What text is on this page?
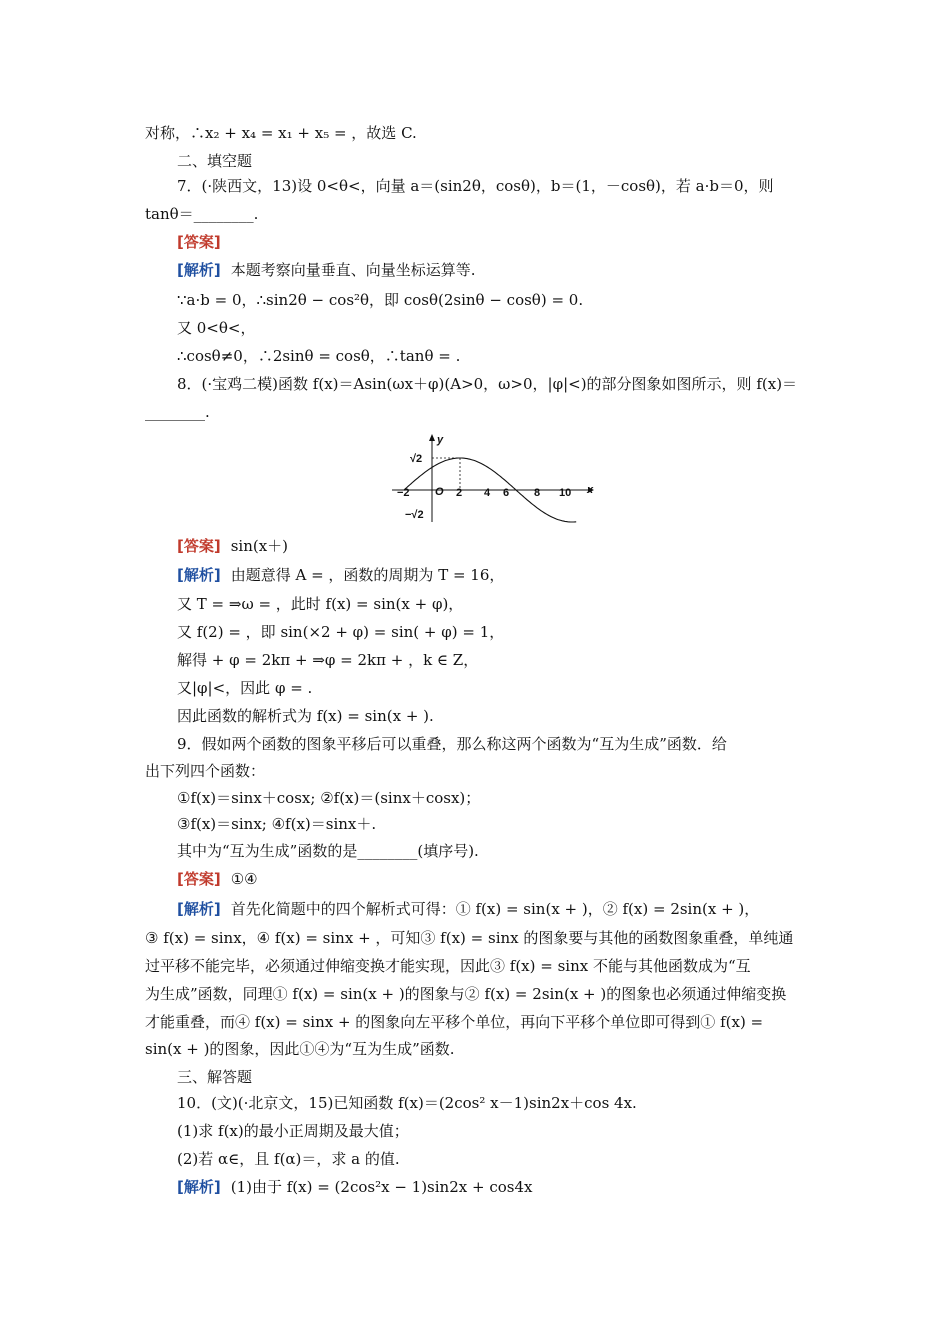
对称，∴x₂ + x₄ = x₁ + x₅ = ，故选 C.
二、填空题
7．(·陕西文，13)设 0<θ<，向量 a＝(sin2θ，cosθ)，b＝(1，－cosθ)，若 a·b＝0，则
tanθ＝________.
[答案]
[解析] 本题考察向量垂直、向量坐标运算等.
∵a·b = 0，∴sin2θ − cos²θ，即 cosθ(2sinθ − cosθ) = 0.
又 0<θ<，
∴cosθ≠0，∴2sinθ = cosθ，∴tanθ = .
8．(·宝鸡二模)函数 f(x)＝Asin(ωx＋φ)(A>0，ω>0，|φ|<)的部分图象如图所示，则 f(x)＝
________.
y
x
O
√2
−√2
−2	2 4 6 8 10
[答案] sin(x＋)
[解析] 由题意得 A = ，函数的周期为 T = 16，
又 T = ⇒ω = ，此时 f(x) = sin(x + φ)，
又 f(2) = ，即 sin(×2 + φ) = sin( + φ) = 1，
解得 + φ = 2kπ + ⇒φ = 2kπ + ，k ∈ Z，
又|φ|<，因此 φ = .
因此函数的解析式为 f(x) = sin(x + ).
9．假如两个函数的图象平移后可以重叠，那么称这两个函数为“互为生成”函数．给
出下列四个函数：
①f(x)＝sinx＋cosx; ②f(x)＝(sinx＋cosx)；
③f(x)＝sinx; ④f(x)＝sinx＋.
其中为“互为生成”函数的是________(填序号).
[答案] ①④
[解析] 首先化简题中的四个解析式可得：① f(x) = sin(x + )，② f(x) = 2sin(x + )，
③ f(x) = sinx，④ f(x) = sinx + ，可知③ f(x) = sinx 的图象要与其他的函数图象重叠，单纯通
过平移不能完毕，必须通过伸缩变换才能实现，因此③ f(x) = sinx 不能与其他函数成为“互
为生成”函数，同理① f(x) = sin(x + )的图象与② f(x) = 2sin(x + )的图象也必须通过伸缩变换
才能重叠，而④ f(x) = sinx + 的图象向左平移个单位，再向下平移个单位即可得到① f(x) =
sin(x + )的图象，因此①④为“互为生成”函数.
三、解答题
10．(文)(·北京文，15)已知函数 f(x)＝(2cos² x－1)sin2x＋cos 4x.
(1)求 f(x)的最小正周期及最大值；
(2)若 α∈，且 f(α)＝，求 a 的值.
[解析] (1)由于 f(x) = (2cos²x − 1)sin2x + cos4x
